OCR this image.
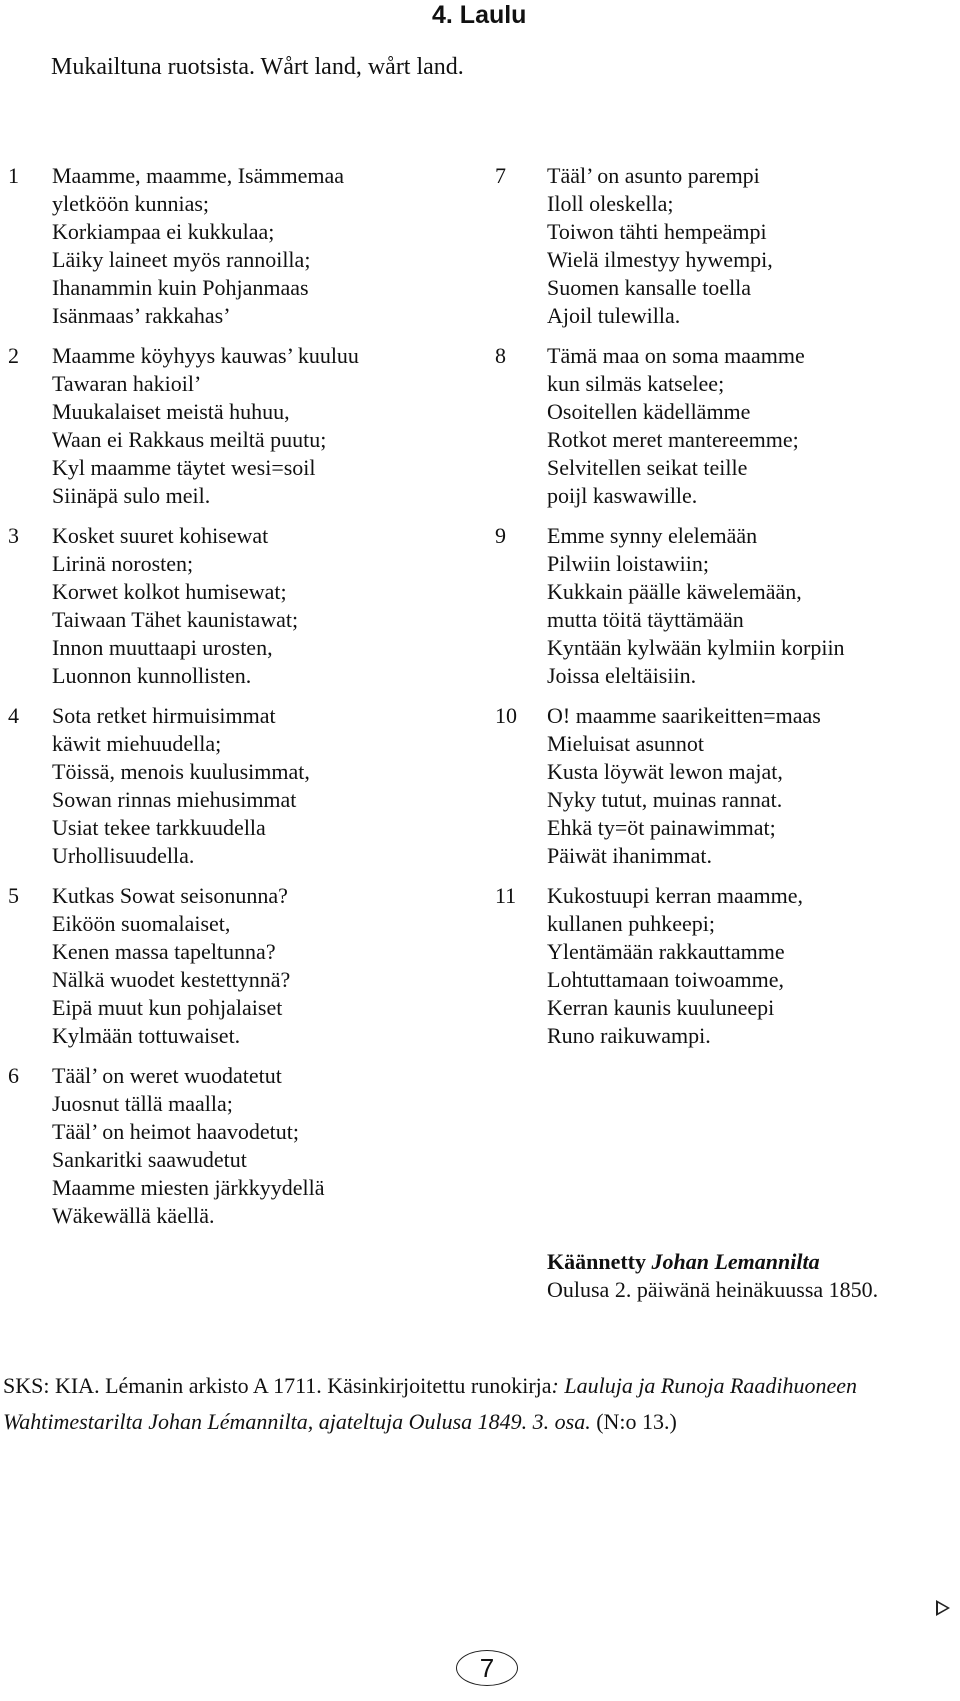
4. Laulu
Mukailtuna ruotsista. Wårt land, wårt land.
1	Maamme, maamme, Isämmemaa
yletköön kunnias;
Korkiampaa ei kukkulaa;
Läiky laineet myös rannoilla;
Ihanammin kuin Pohjanmaas
Isänmaas’ rakkahas’
2	Maamme köyhyys kauwas’ kuuluu
Tawaran hakioil’
Muukalaiset meistä huhuu,
Waan ei Rakkaus meiltä puutu;
Kyl maamme täytet wesi=soil
Siinäpä sulo meil.
3	Kosket suuret kohisewat
Lirinä norosten;
Korwet kolkot humisewat;
Taiwaan Tähet kaunistawat;
Innon muuttaapi urosten,
Luonnon kunnollisten.
4	Sota retket hirmuisimmat
käwit miehuudella;
Töissä, menois kuulusimmat,
Sowan rinnas miehusimmat
Usiat tekee tarkkuudella
Urhollisuudella.
5	Kutkas Sowat seisonunna?
Eiköön suomalaiset,
Kenen massa tapeltunna?
Nälkä wuodet kestettynnä?
Eipä muut kun pohjalaiset
Kylmään tottuwaiset.
6	Tääl’ on weret wuodatetut
Juosnut tällä maalla;
Tääl’ on heimot haavodetut;
Sankaritki saawudetut
Maamme miesten järkkyydellä
Wäkewällä käellä.
7	Tääl’ on asunto parempi
Iloll oleskella;
Toiwon tähti hempeämpi
Wielä ilmestyy hywempi,
Suomen kansalle toella
Ajoil tulewilla.
8	Tämä maa on soma maamme
kun silmäs katselee;
Osoitellen kädellämme
Rotkot meret mantereemme;
Selvitellen seikat teille
poijl kaswawille.
9	Emme synny elelemään
Pilwiin loistawiin;
Kukkain päälle käwelemään,
mutta töitä täyttämään
Kyntään kylwään kylmiin korpiin
Joissa eleltäisiin.
10	O! maamme saarikeitten=maas
Mieluisat asunnot
Kusta löywät lewon majat,
Nyky tutut, muinas rannat.
Ehkä ty=öt painawimmat;
Päiwät ihanimmat.
11	Kukostuupi kerran maamme,
kullanen puhkeepi;
Ylentämään rakkauttamme
Lohtuttamaan toiwoamme,
Kerran kaunis kuuluneepi
Runo raikuwampi.
Käännetty Johan Lemannilta
Oulusa 2. päiwänä heinäkuussa 1850.
SKS: KIA. Lémanin arkisto A 1711. Käsinkirjoitettu runokirja: Lauluja ja Runoja Raadihuoneen Wahtimestarilta Johan Lémannilta, ajateltuja Oulusa 1849. 3. osa. (N:o 13.)
7
